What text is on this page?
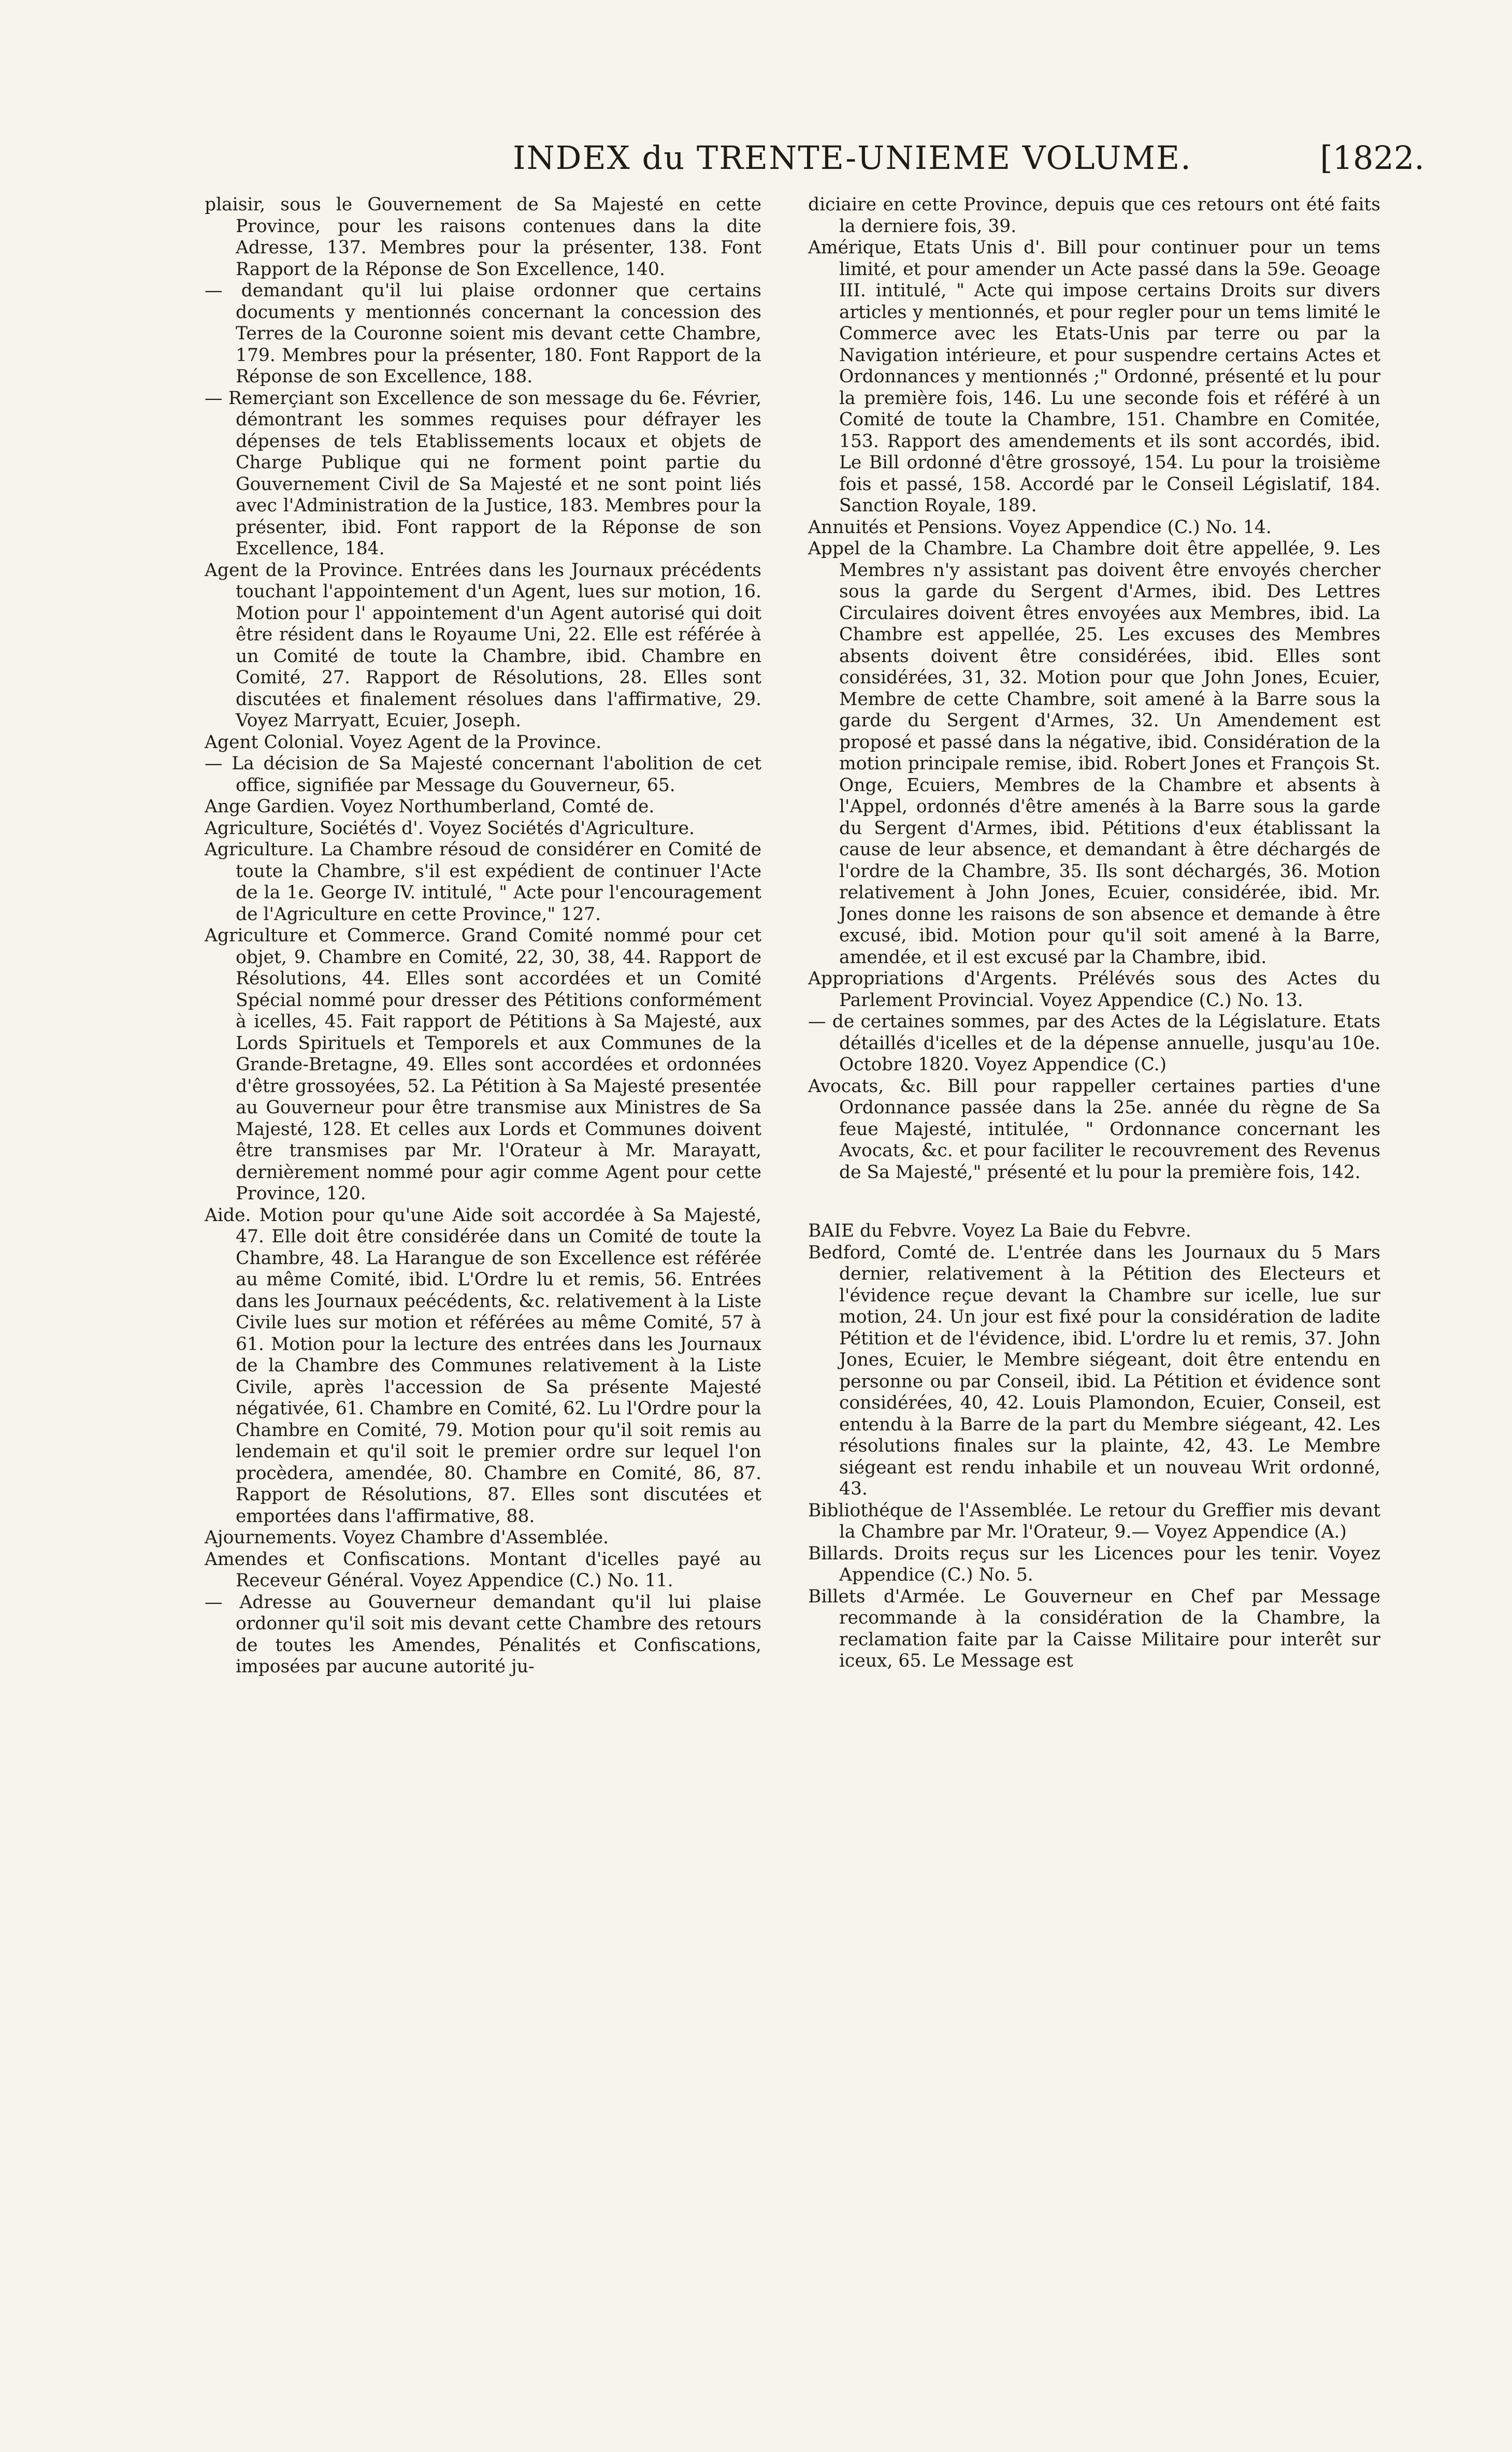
INDEX du TRENTE-UNIEME VOLUME.	[1822.

plaisir, sous le Gouvernement de Sa Majesté en cette Province, pour les raisons contenues dans la dite Adresse, 137. Membres pour la présenter, 138. Font Rapport de la Réponse de Son Excellence, 140.

— demandant qu'il lui plaise ordonner que certains documents y mentionnés concernant la concession des Terres de la Couronne soient mis devant cette Chambre, 179. Membres pour la présenter, 180. Font Rapport de la Réponse de son Excellence, 188.

— Remerçiant son Excellence de son message du 6e. Février, démontrant les sommes requises pour défrayer les dépenses de tels Etablissements locaux et objets de Charge Publique qui ne forment point partie du Gouvernement Civil de Sa Majesté et ne sont point liés avec l'Administration de la Justice, 183. Membres pour la présenter, ibid. Font rapport de la Réponse de son Excellence, 184.

Agent de la Province. Entrées dans les Journaux précédents touchant l'appointement d'un Agent, lues sur motion, 16. Motion pour l' appointement d'un Agent autorisé qui doit être résident dans le Royaume Uni, 22. Elle est référée à un Comité de toute la Chambre, ibid. Chambre en Comité, 27. Rapport de Résolutions, 28. Elles sont discutées et finalement résolues dans l'affirmative, 29. Voyez Marryatt, Ecuier, Joseph.

Agent Colonial. Voyez Agent de la Province.

— La décision de Sa Majesté concernant l'abolition de cet office, signifiée par Message du Gouverneur, 65.

Ange Gardien. Voyez Northumberland, Comté de.

Agriculture, Sociétés d'. Voyez Sociétés d'Agriculture.

Agriculture. La Chambre résoud de considérer en Comité de toute la Chambre, s'il est expédient de continuer l'Acte de la 1e. George IV. intitulé, " Acte pour l'encouragement de l'Agriculture en cette Province," 127.

Agriculture et Commerce. Grand Comité nommé pour cet objet, 9. Chambre en Comité, 22, 30, 38, 44. Rapport de Résolutions, 44. Elles sont accordées et un Comité Spécial nommé pour dresser des Pétitions conformément à icelles, 45. Fait rapport de Pétitions à Sa Majesté, aux Lords Spirituels et Temporels et aux Communes de la Grande-Bretagne, 49. Elles sont accordées et ordonnées d'être grossoyées, 52. La Pétition à Sa Majesté presentée au Gouverneur pour être transmise aux Ministres de Sa Majesté, 128. Et celles aux Lords et Communes doivent être transmises par Mr. l'Orateur à Mr. Marayatt, dernièrement nommé pour agir comme Agent pour cette Province, 120.

Aide. Motion pour qu'une Aide soit accordée à Sa Majesté, 47. Elle doit être considérée dans un Comité de toute la Chambre, 48. La Harangue de son Excellence est référée au même Comité, ibid. L'Ordre lu et remis, 56. Entrées dans les Journaux peécédents, &c. relativement à la Liste Civile lues sur motion et référées au même Comité, 57 à 61. Motion pour la lecture des entrées dans les Journaux de la Chambre des Communes relativement à la Liste Civile, après l'accession de Sa présente Majesté négativée, 61. Chambre en Comité, 62. Lu l'Ordre pour la Chambre en Comité, 79. Motion pour qu'il soit remis au lendemain et qu'il soit le premier ordre sur lequel l'on procèdera, amendée, 80. Chambre en Comité, 86, 87. Rapport de Résolutions, 87. Elles sont discutées et emportées dans l'affirmative, 88.

Ajournements. Voyez Chambre d'Assemblée.

Amendes et Confiscations. Montant d'icelles payé au Receveur Général. Voyez Appendice (C.) No. 11.

— Adresse au Gouverneur demandant qu'il lui plaise ordonner qu'il soit mis devant cette Chambre des retours de toutes les Amendes, Pénalités et Confiscations, imposées par aucune autorité ju-

diciaire en cette Province, depuis que ces retours ont été faits la derniere fois, 39.

Amérique, Etats Unis d'. Bill pour continuer pour un tems limité, et pour amender un Acte passé dans la 59e. Geoage III. intitulé, " Acte qui impose certains Droits sur divers articles y mentionnés, et pour regler pour un tems limité le Commerce avec les Etats-Unis par terre ou par la Navigation intérieure, et pour suspendre certains Actes et Ordonnances y mentionnés ;" Ordonné, présenté et lu pour la première fois, 146. Lu une seconde fois et référé à un Comité de toute la Chambre, 151. Chambre en Comitée, 153. Rapport des amendements et ils sont accordés, ibid. Le Bill ordonné d'être grossoyé, 154. Lu pour la troisième fois et passé, 158. Accordé par le Conseil Législatif, 184. Sanction Royale, 189.

Annuités et Pensions. Voyez Appendice (C.) No. 14.

Appel de la Chambre. La Chambre doit être appellée, 9. Les Membres n'y assistant pas doivent être envoyés chercher sous la garde du Sergent d'Armes, ibid. Des Lettres Circulaires doivent êtres envoyées aux Membres, ibid. La Chambre est appellée, 25. Les excuses des Membres absents doivent être considérées, ibid. Elles sont considérées, 31, 32. Motion pour que John Jones, Ecuier, Membre de cette Chambre, soit amené à la Barre sous la garde du Sergent d'Armes, 32. Un Amendement est proposé et passé dans la négative, ibid. Considération de la motion principale remise, ibid. Robert Jones et François St. Onge, Ecuiers, Membres de la Chambre et absents à l'Appel, ordonnés d'être amenés à la Barre sous la garde du Sergent d'Armes, ibid. Pétitions d'eux établissant la cause de leur absence, et demandant à être déchargés de l'ordre de la Chambre, 35. Ils sont déchargés, 36. Motion relativement à John Jones, Ecuier, considérée, ibid. Mr. Jones donne les raisons de son absence et demande à être excusé, ibid. Motion pour qu'il soit amené à la Barre, amendée, et il est excusé par la Chambre, ibid.

Appropriations d'Argents. Prélévés sous des Actes du Parlement Provincial. Voyez Appendice (C.) No. 13.

— de certaines sommes, par des Actes de la Législature. Etats détaillés d'icelles et de la dépense annuelle, jusqu'au 10e. Octobre 1820. Voyez Appendice (C.)

Avocats, &c. Bill pour rappeller certaines parties d'une Ordonnance passée dans la 25e. année du règne de Sa feue Majesté, intitulée, " Ordonnance concernant les Avocats, &c. et pour faciliter le recouvrement des Revenus de Sa Majesté," présenté et lu pour la première fois, 142.

BAIE du Febvre. Voyez La Baie du Febvre.

Bedford, Comté de. L'entrée dans les Journaux du 5 Mars dernier, relativement à la Pétition des Electeurs et l'évidence reçue devant la Chambre sur icelle, lue sur motion, 24. Un jour est fixé pour la considération de ladite Pétition et de l'évidence, ibid. L'ordre lu et remis, 37. John Jones, Ecuier, le Membre siégeant, doit être entendu en personne ou par Conseil, ibid. La Pétition et évidence sont considérées, 40, 42. Louis Plamondon, Ecuier, Conseil, est entendu à la Barre de la part du Membre siégeant, 42. Les résolutions finales sur la plainte, 42, 43. Le Membre siégeant est rendu inhabile et un nouveau Writ ordonné, 43.

Bibliothéque de l'Assemblée. Le retour du Greffier mis devant la Chambre par Mr. l'Orateur, 9.— Voyez Appendice (A.)

Billards. Droits reçus sur les Licences pour les tenir. Voyez Appendice (C.) No. 5.

Billets d'Armée. Le Gouverneur en Chef par Message recommande à la considération de la Chambre, la reclamation faite par la Caisse Militaire pour interêt sur iceux, 65. Le Message est
